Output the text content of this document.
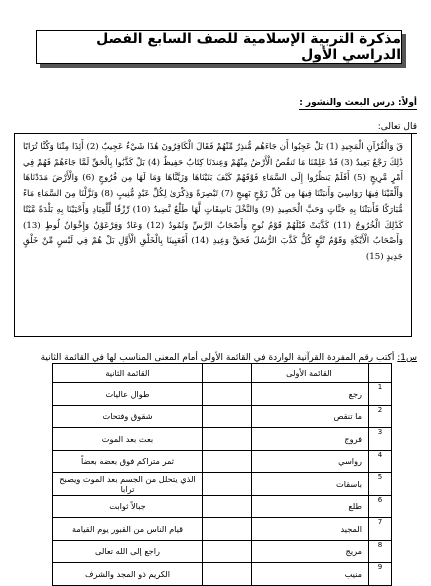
مذكرة التربية الإسلامية للصف السابع الفصل الدراسي الأول
أولاً: درس البعث والنشور :
قال تعالى:
قٓ وَالْقُرْآنِ الْمَجِيدِ (1) بَلْ عَجِبُوا أَن جَاءَهُم مُّنذِرٌ مِّنْهُمْ فَقَالَ الْكَافِرُونَ هَٰذَا شَيْءٌ عَجِيبٌ (2) أَئِذَا مِتْنَا وَكُنَّا تُرَابًا ذَٰلِكَ رَجْعٌ بَعِيدٌ (3) قَدْ عَلِمْنَا مَا تَنقُصُ الْأَرْضُ مِنْهُمْ وَعِندَنَا كِتَابٌ حَفِيظٌ (4) بَلْ كَذَّبُوا بِالْحَقِّ لَمَّا جَاءَهُمْ فَهُمْ فِي أَمْرٍ مَّرِيجٍ (5) أَفَلَمْ يَنظُرُوا إِلَى السَّمَاءِ فَوْقَهُمْ كَيْفَ بَنَيْنَاهَا وَزَيَّنَّاهَا وَمَا لَهَا مِن فُرُوجٍ (6) وَالْأَرْضَ مَدَدْنَاهَا وَأَلْقَيْنَا فِيهَا رَوَاسِيَ وَأَنبَتْنَا فِيهَا مِن كُلِّ زَوْجٍ بَهِيجٍ (7) تَبْصِرَةً وَذِكْرَىٰ لِكُلِّ عَبْدٍ مُّنِيبٍ (8) وَنَزَّلْنَا مِنَ السَّمَاءِ مَاءً مُّبَارَكًا فَأَنبَتْنَا بِهِ جَنَّاتٍ وَحَبَّ الْحَصِيدِ (9) وَالنَّخْلَ بَاسِقَاتٍ لَّهَا طَلْعٌ نَّضِيدٌ (10) رِّزْقًا لِّلْعِبَادِ وَأَحْيَيْنَا بِهِ بَلْدَةً مَّيْتًا كَذَٰلِكَ الْخُرُوجُ (11) كَذَّبَتْ قَبْلَهُمْ قَوْمُ نُوحٍ وَأَصْحَابُ الرَّسِّ وَثَمُودُ (12) وَعَادٌ وَفِرْعَوْنُ وَإِخْوَانُ لُوطٍ (13) وَأَصْحَابُ الْأَيْكَةِ وَقَوْمُ تُبَّعٍ كُلٌّ كَذَّبَ الرُّسُلَ فَحَقَّ وَعِيدِ (14) أَفَعَيِينَا بِالْخَلْقِ الْأَوَّلِ بَلْ هُمْ فِي لَبْسٍ مِّنْ خَلْقٍ جَدِيدٍ (15)
س1: أكتب رقم المفردة القرآنية الواردة في القائمة الأولى أمام المعنى المناسب لها في القائمة الثانية
	القائمة الأولى		القائمة الثانية
1	رجع		طوال عاليات
2	ما تنقص		شقوق وفتحات
3	فروج		بعث بعد الموت
4	رواسي		ثمر متراكم فوق بعضه بعضاً
5	باسقات		الذي يتحلل من الجسم بعد الموت ويصبح ترابا
6	طلع		جبالاً ثوابت
7	المجيد		قيام الناس من القبور يوم القيامة
8	مريج		راجع إلى الله تعالى
9	منيب		الكريم ذو المجد والشرف
